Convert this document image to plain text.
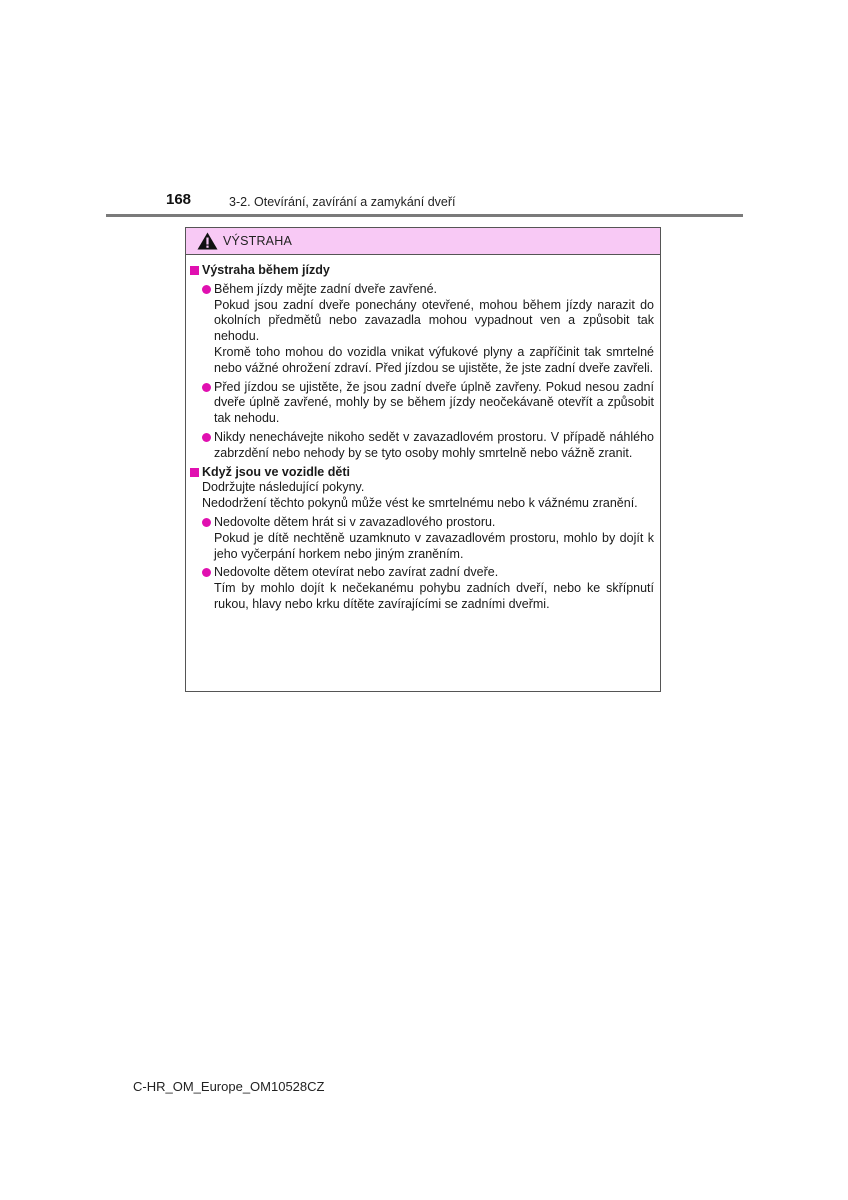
168	3-2. Otevírání, zavírání a zamykání dveří
VÝSTRAHA
Výstraha během jízdy
Během jízdy mějte zadní dveře zavřené.
Pokud jsou zadní dveře ponechány otevřené, mohou během jízdy narazit do okolních předmětů nebo zavazadla mohou vypadnout ven a způsobit tak nehodu.
Kromě toho mohou do vozidla vnikat výfukové plyny a zapříčinit tak smrtelné nebo vážné ohrožení zdraví. Před jízdou se ujistěte, že jste zadní dveře zavřeli.
Před jízdou se ujistěte, že jsou zadní dveře úplně zavřeny. Pokud nesou zadní dveře úplně zavřené, mohly by se během jízdy neočekávaně otevřít a způsobit tak nehodu.
Nikdy nenechávejte nikoho sedět v zavazadlovém prostoru. V případě náhlého zabrzdění nebo nehody by se tyto osoby mohly smrtelně nebo vážně zranit.
Když jsou ve vozidle děti
Dodržujte následující pokyny.
Nedodržení těchto pokynů může vést ke smrtelnému nebo k vážnému zranění.
Nedovolte dětem hrát si v zavazadlového prostoru.
Pokud je dítě nechtěně uzamknuto v zavazadlovém prostoru, mohlo by dojít k jeho vyčerpání horkem nebo jiným zraněním.
Nedovolte dětem otevírat nebo zavírat zadní dveře.
Tím by mohlo dojít k nečekanému pohybu zadních dveří, nebo ke skřípnutí rukou, hlavy nebo krku dítěte zavírajícími se zadními dveřmi.
C-HR_OM_Europe_OM10528CZ
